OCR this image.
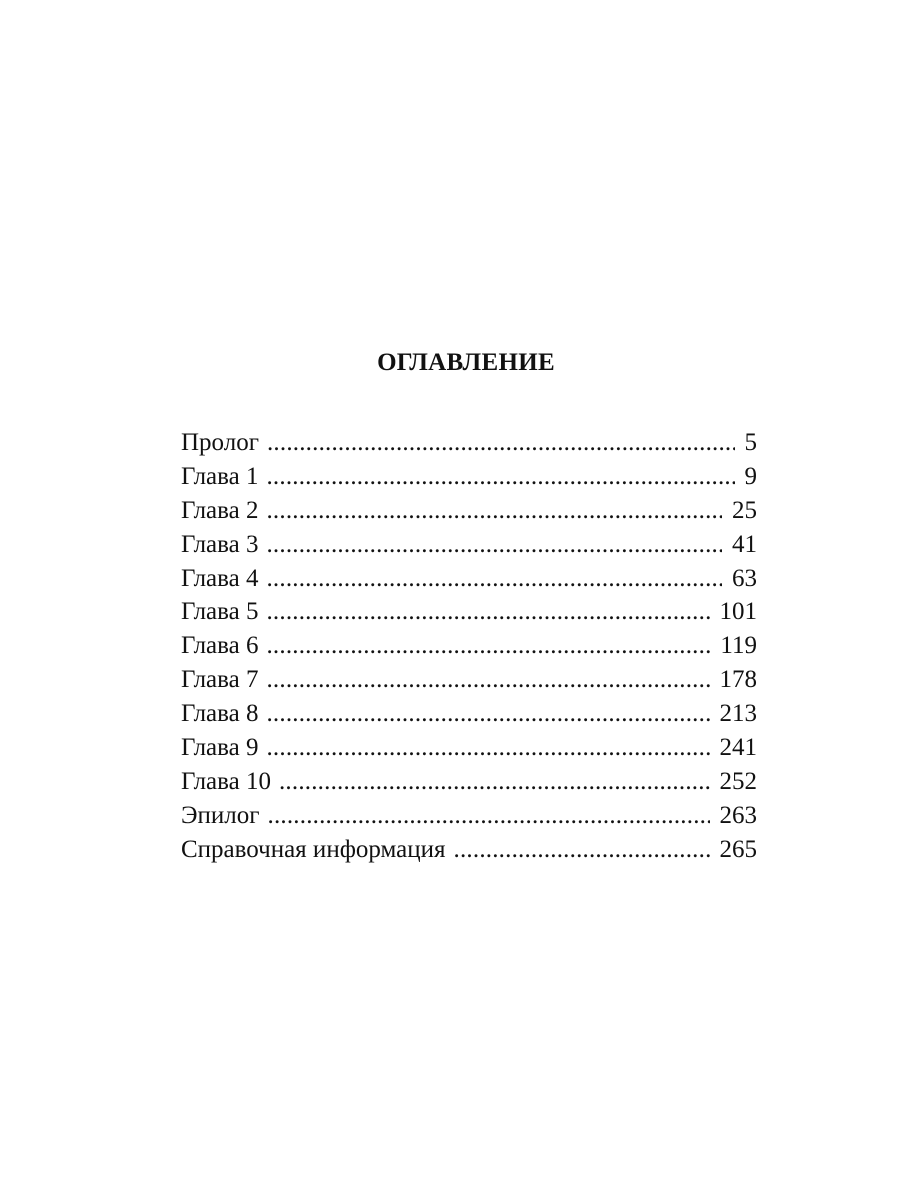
ОГЛАВЛЕНИЕ
Пролог .....	5
Глава 1 .....	9
Глава 2 .....	25
Глава 3 .....	41
Глава 4 .....	63
Глава 5 .....	101
Глава 6 .....	119
Глава 7 .....	178
Глава 8 .....	213
Глава 9 .....	241
Глава 10 .....	252
Эпилог .....	263
Справочная информация .....	265
